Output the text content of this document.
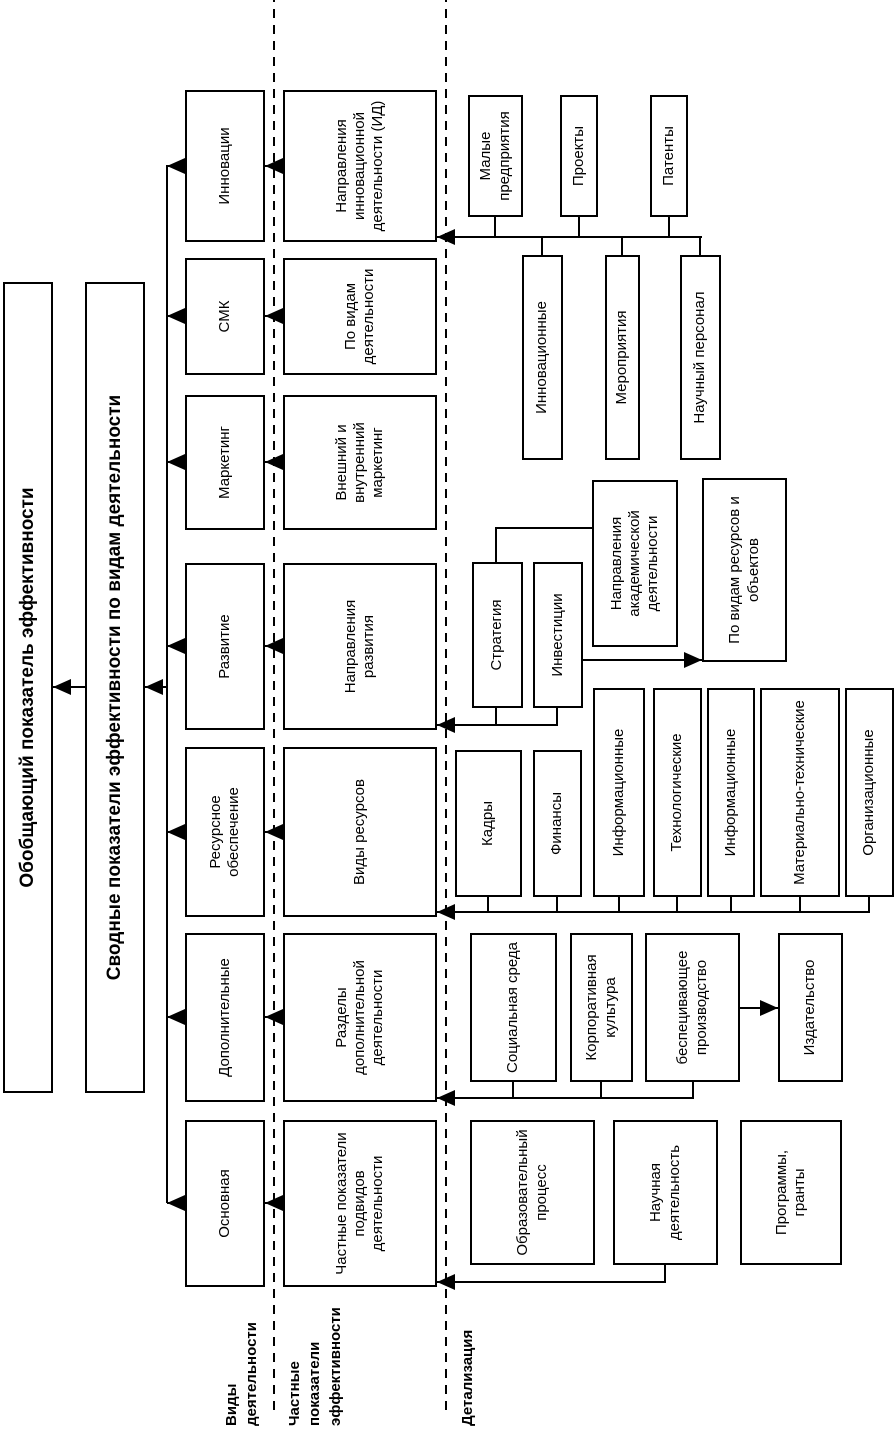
Обобщающий показатель эффективности	Сводные показатели эффективности по видам деятельности
Основная
Дополнительные
Ресурсное обеспечение
Развитие
Маркетинг
СМК
Инновации
Частные показатели подвидов деятельности
Разделы дополнительной деятельности
Виды ресурсов
Направления развития
Внешний и внутренний маркетинг
По видам деятельности
Направления инновационной деятельности (ИД)
Образовательный процесс	Научная деятельность	Программы, гранты
Социальная среда	Корпоративная культура	беспецивающее производство	Издательство
Кадры	Финансы	Информационные	Технологические	Информационные	Материально-технические	Организационные
Стратегия	Инвестиции
Направления академической деятельности	По видам ресурсов и объектов
Малые предприятия	Проекты	Патенты
Инновационные	Мероприятия	Научный персонал
Виды деятельности Частные показатели эффективности	Детализация
